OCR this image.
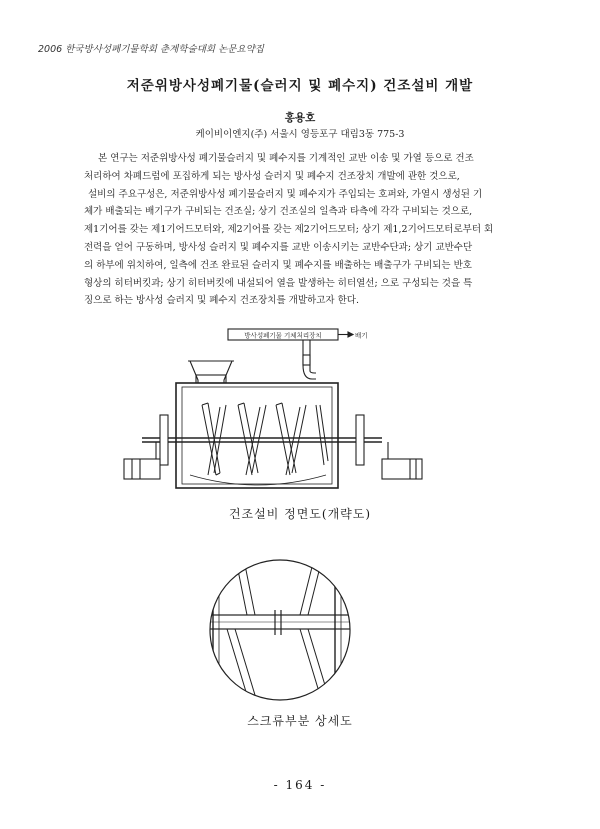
2006 한국방사성폐기물학회 춘계학술대회 논문요약집
저준위방사성폐기물(슬러지 및 폐수지) 건조설비 개발
홍용호
케이비이엔지(주) 서울시 영등포구 대림3동 775-3
본 연구는 저준위방사성 폐기물슬러지 및 폐수지를 기계적인 교반 이송 및 가열 등으로 건조
처리하여 차폐드럼에 포집하게 되는 방사성 슬러지 및 폐수지 건조장치 개발에 관한 것으로,
설비의 주요구성은, 저준위방사성 폐기물슬러지 및 폐수지가 주입되는 호퍼와, 가열시 생성된 기
체가 배출되는 배기구가 구비되는 건조실; 상기 건조실의 일측과 타측에 각각 구비되는 것으로,
제1기어를 갖는 제1기어드모터와, 제2기어를 갖는 제2기어드모터; 상기 제1,2기어드모터로부터 회
전력을 얻어 구동하며, 방사성 슬러지 및 폐수지를 교반 이송시키는 교반수단과; 상기 교반수단
의 하부에 위치하여, 일측에 건조 완료된 슬러지 및 폐수지를 배출하는 배출구가 구비되는 반호
형상의 히터버킷과; 상기 히터버킷에 내설되어 열을 발생하는 히터열선; 으로 구성되는 것을 특
징으로 하는 방사성 슬러지 및 폐수지 건조장치를 개발하고자 한다.
방사성폐기물 기체처리장치	배기
건조설비 정면도(개략도)
스크류부분 상세도
- 164 -
